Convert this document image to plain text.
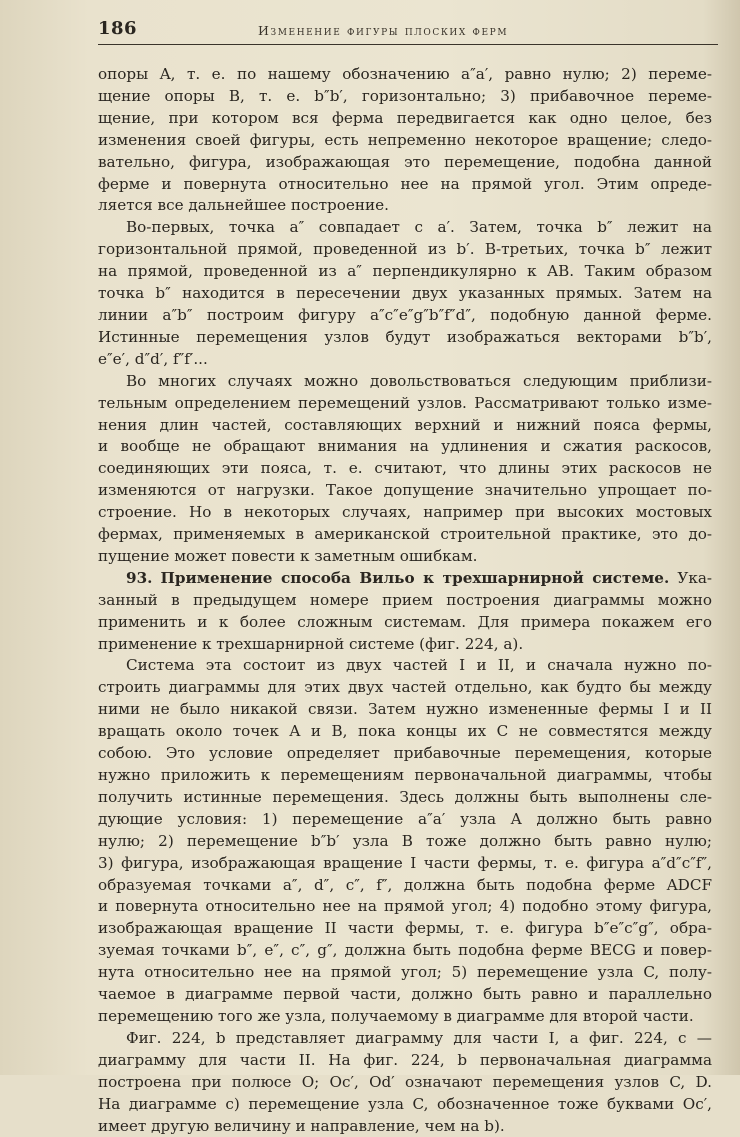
186	Изменение фигуры плоских ферм

опоры A, т. е. по нашему обозначению a″a′, равно нулю; 2) переме-
щение опоры B, т. е. b″b′, горизонтально; 3) прибавочное переме-
щение, при котором вся ферма передвигается как одно целое, без
изменения своей фигуры, есть непременно некоторое вращение; следо-
вательно, фигура, изображающая это перемещение, подобна данной
ферме и повернута относительно нее на прямой угол. Этим опреде-
ляется все дальнейшее построение.

Во-первых, точка a″ совпадает с a′. Затем, точка b″ лежит на
горизонтальной прямой, проведенной из b′. В-третьих, точка b″ лежит
на прямой, проведенной из a″ перпендикулярно к AB. Таким образом
точка b″ находится в пересечении двух указанных прямых. Затем на
линии a″b″ построим фигуру a″c″e″g″b″f″d″, подобную данной ферме.
Истинные перемещения узлов будут изображаться векторами b″b′,
e″e′, d″d′, f″f′...

Во многих случаях можно довольствоваться следующим приблизи-
тельным определением перемещений узлов. Рассматривают только изме-
нения длин частей, составляющих верхний и нижний пояса фермы,
и вообще не обращают внимания на удлинения и сжатия раскосов,
соединяющих эти пояса, т. е. считают, что длины этих раскосов не
изменяются от нагрузки. Такое допущение значительно упрощает по-
строение. Но в некоторых случаях, например при высоких мостовых
фермах, применяемых в американской строительной практике, это до-
пущение может повести к заметным ошибкам.

93. Применение способа Вильо к трехшарнирной системе. Ука-
занный в предыдущем номере прием построения диаграммы можно
применить и к более сложным системам. Для примера покажем его
применение к трехшарнирной системе (фиг. 224, a).

Система эта состоит из двух частей I и II, и сначала нужно по-
строить диаграммы для этих двух частей отдельно, как будто бы между
ними не было никакой связи. Затем нужно измененные фермы I и II
вращать около точек A и B, пока концы их C не совместятся между
собою. Это условие определяет прибавочные перемещения, которые
нужно приложить к перемещениям первоначальной диаграммы, чтобы
получить истинные перемещения. Здесь должны быть выполнены сле-
дующие условия: 1) перемещение a″a′ узла A должно быть равно
нулю; 2) перемещение b″b′ узла B тоже должно быть равно нулю;
3) фигура, изображающая вращение I части фермы, т. е. фигура a″d″c″f″,
образуемая точками a″, d″, c″, f″, должна быть подобна ферме ADCF
и повернута относительно нее на прямой угол; 4) подобно этому фигура,
изображающая вращение II части фермы, т. е. фигура b″e″c″g″, обра-
зуемая точками b″, e″, c″, g″, должна быть подобна ферме BECG и повер-
нута относительно нее на прямой угол; 5) перемещение узла C, полу-
чаемое в диаграмме первой части, должно быть равно и параллельно
перемещению того же узла, получаемому в диаграмме для второй части.

Фиг. 224, b представляет диаграмму для части I, а фиг. 224, c —
диаграмму для части II. На фиг. 224, b первоначальная диаграмма
построена при полюсе O; Oc′, Od′ означают перемещения узлов C, D.
На диаграмме c) перемещение узла C, обозначенное тоже буквами Oc′,
имеет другую величину и направление, чем на b).
